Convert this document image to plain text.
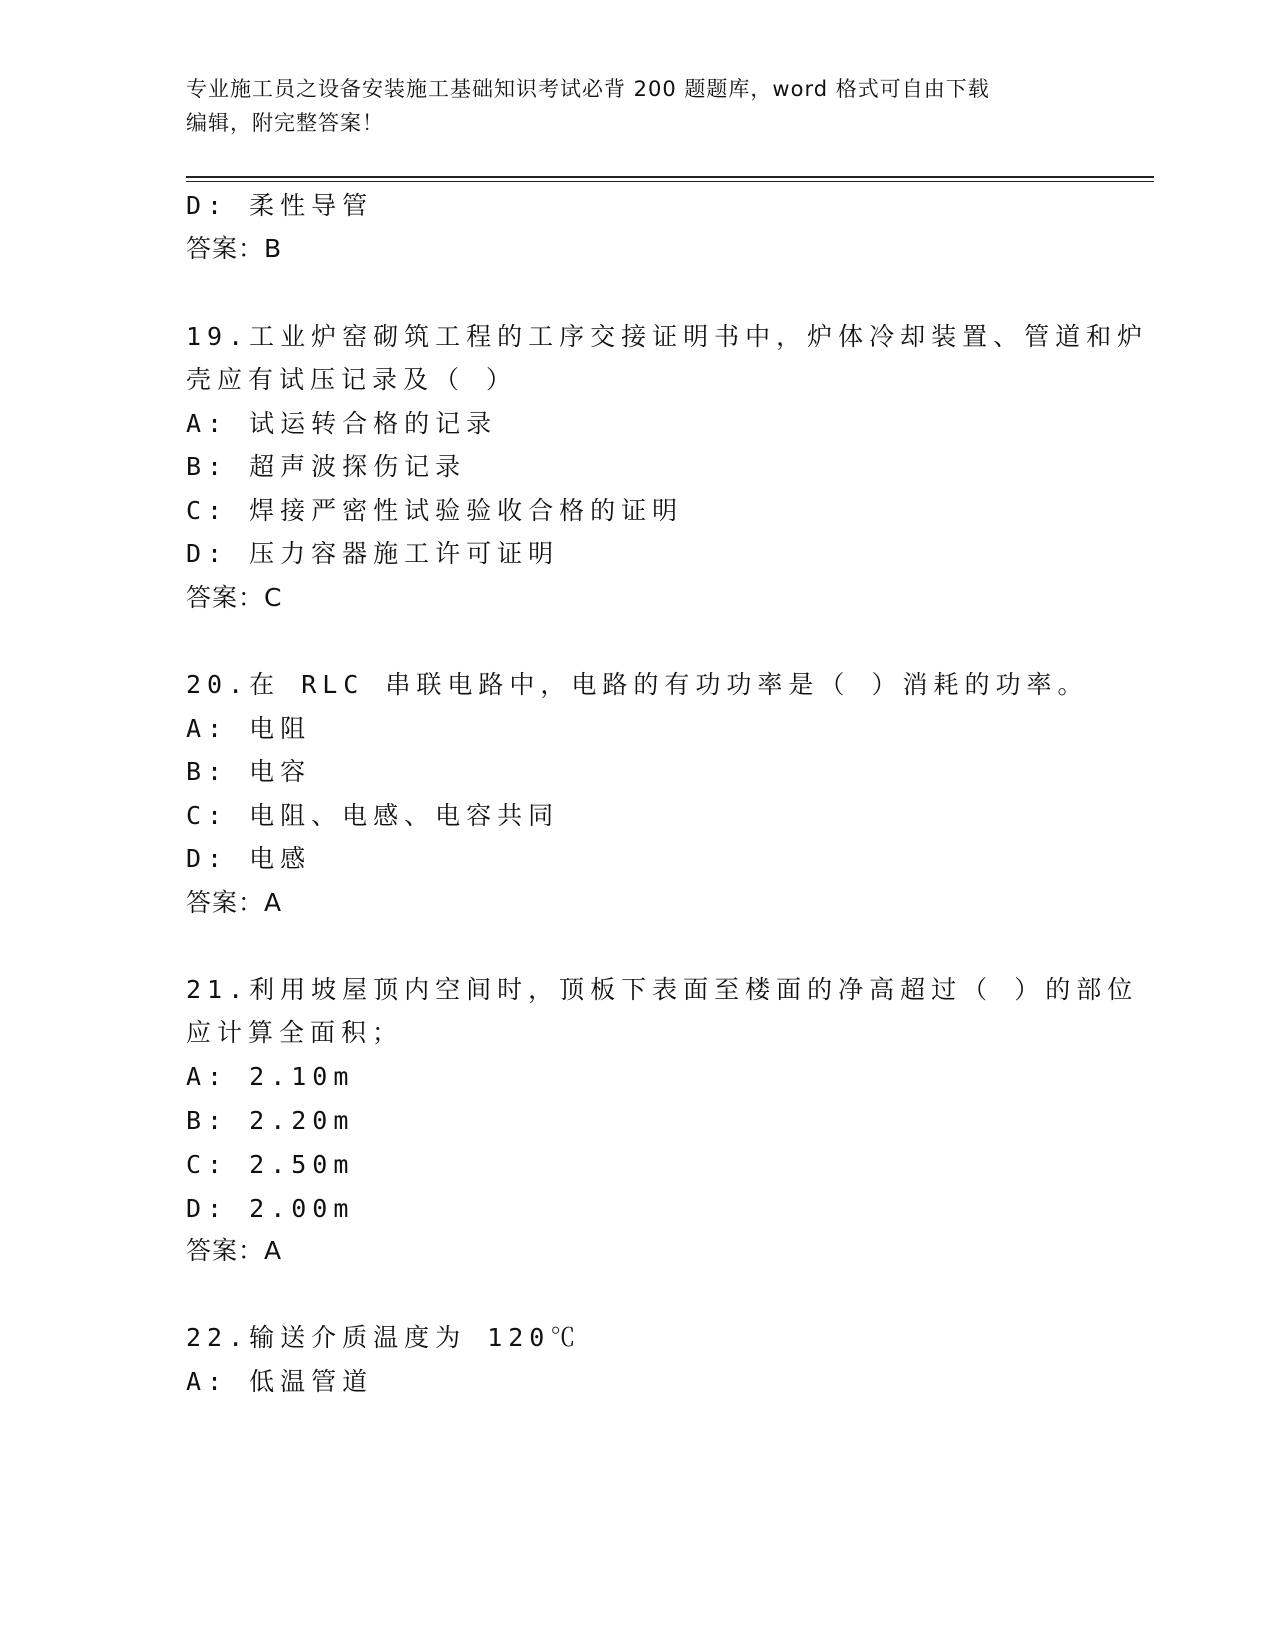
专业施工员之设备安装施工基础知识考试必背 200 题题库，word 格式可自由下载
编辑，附完整答案！
D: 柔性导管
答案：B
19.工业炉窑砌筑工程的工序交接证明书中，炉体冷却装置、管道和炉
壳应有试压记录及（ ）
A: 试运转合格的记录
B: 超声波探伤记录
C: 焊接严密性试验验收合格的证明
D: 压力容器施工许可证明
答案：C
20.在 RLC 串联电路中，电路的有功功率是（ ）消耗的功率。
A: 电阻
B: 电容
C: 电阻、电感、电容共同
D: 电感
答案：A
21.利用坡屋顶内空间时，顶板下表面至楼面的净高超过（ ）的部位
应计算全面积；
A: 2.10m
B: 2.20m
C: 2.50m
D: 2.00m
答案：A
22.输送介质温度为 120℃
A: 低温管道
